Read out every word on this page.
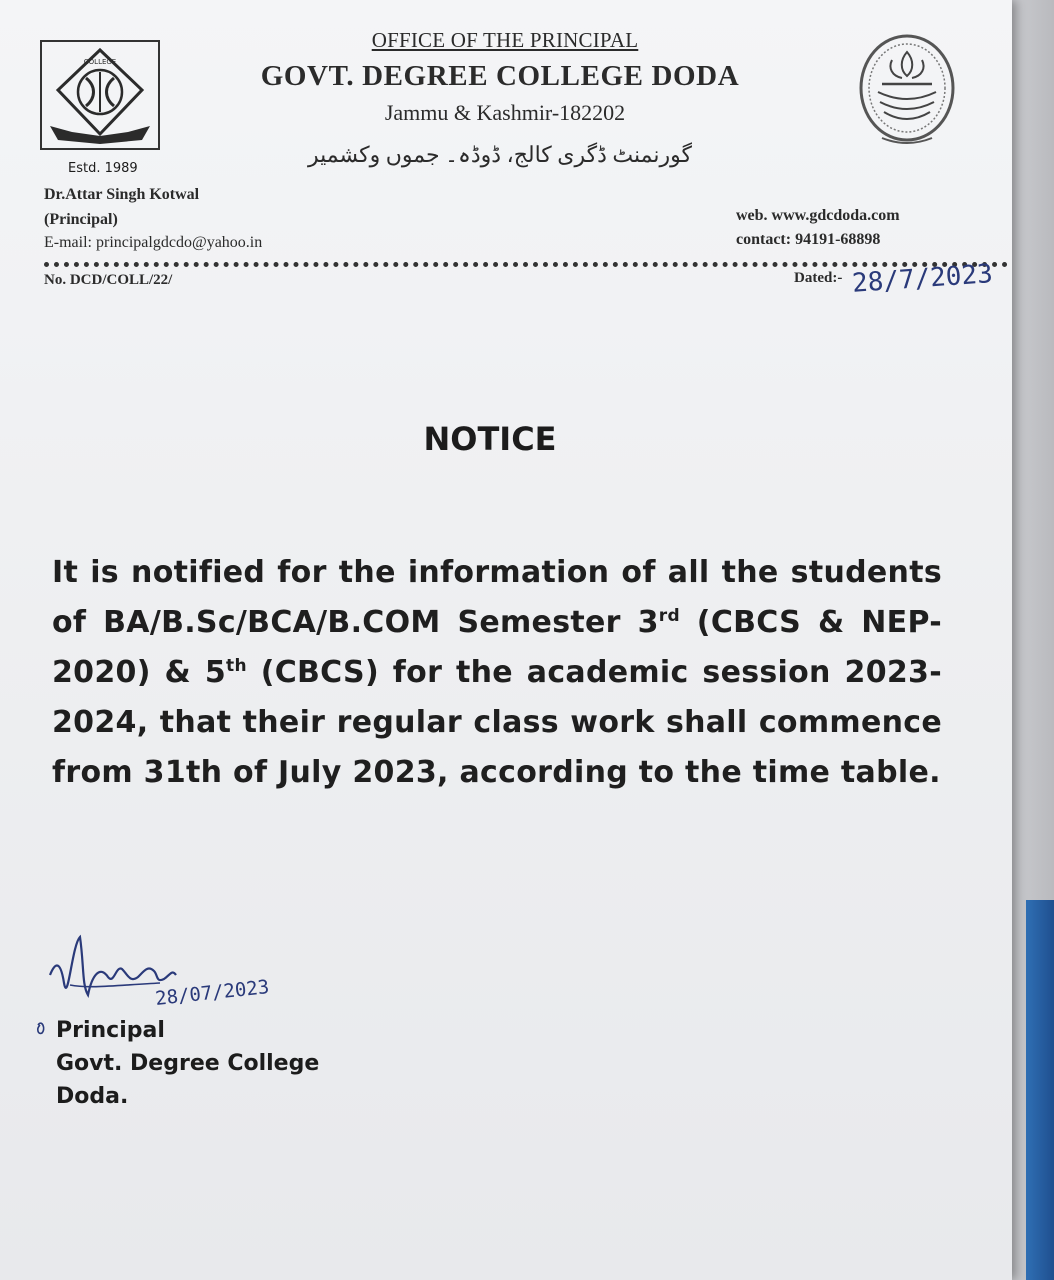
COLLEGE
OFFICE OF THE PRINCIPAL
GOVT. DEGREE COLLEGE DODA
Jammu & Kashmir-182202
گورنمنٹ ڈگری کالج، ڈوڈہ۔ جموں وکشمیر
Estd. 1989
Dr.Attar Singh Kotwal
(Principal)
E-mail: principalgdcdo@yahoo.in
web. www.gdcdoda.com
contact: 94191-68898
No. DCD/COLL/22/	Dated:- 28/7/2023
NOTICE
It is notified for the information of all the students of BA/B.Sc/BCA/B.COM Semester 3rd (CBCS & NEP-2020) & 5th (CBCS) for the academic session 2023-2024, that their regular class work shall commence from 31th of July 2023, according to the time table.
28/07/2023
Principal
Govt. Degree College
Doda.
